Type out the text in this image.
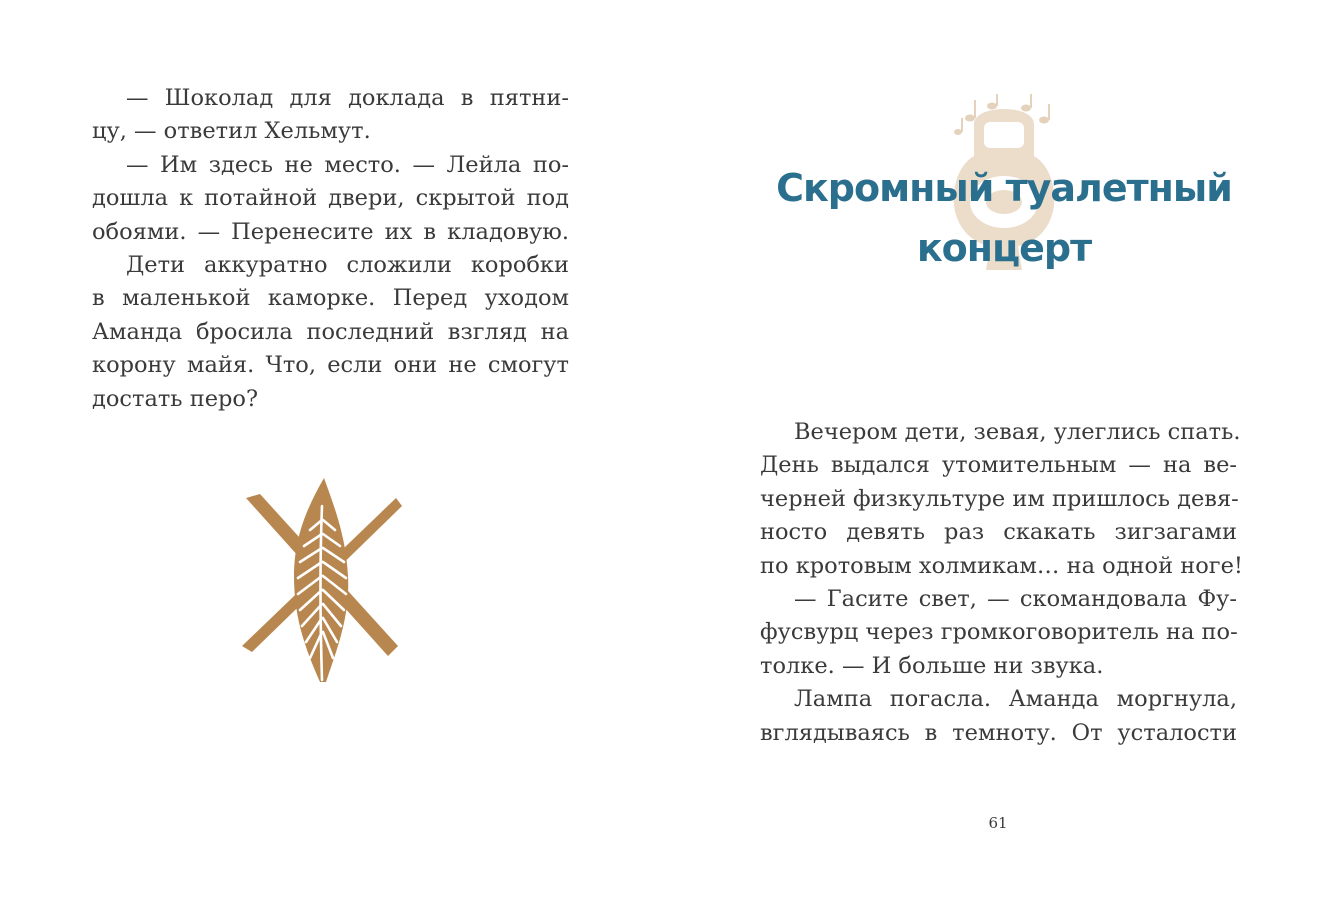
— Шоколад для доклада в пятни-
цу, — ответил Хельмут.
— Им здесь не место. — Лейла по-
дошла к потайной двери, скрытой под
обоями. — Перенесите их в кладовую.
Дети аккуратно сложили коробки
в маленькой каморке. Перед уходом
Аманда бросила последний взгляд на
корону майя. Что, если они не смогут
достать перо?
Скромный туалетный
концерт
Вечером дети, зевая, улеглись спать.
День выдался утомительным — на ве-
черней физкультуре им пришлось девя-
носто девять раз скакать зигзагами
по кротовым холмикам… на одной ноге!
— Гасите свет, — скомандовала Фу-
фусвурц через громкоговоритель на по-
толке. — И больше ни звука.
Лампа погасла. Аманда моргнула,
вглядываясь в темноту. От усталости
61
